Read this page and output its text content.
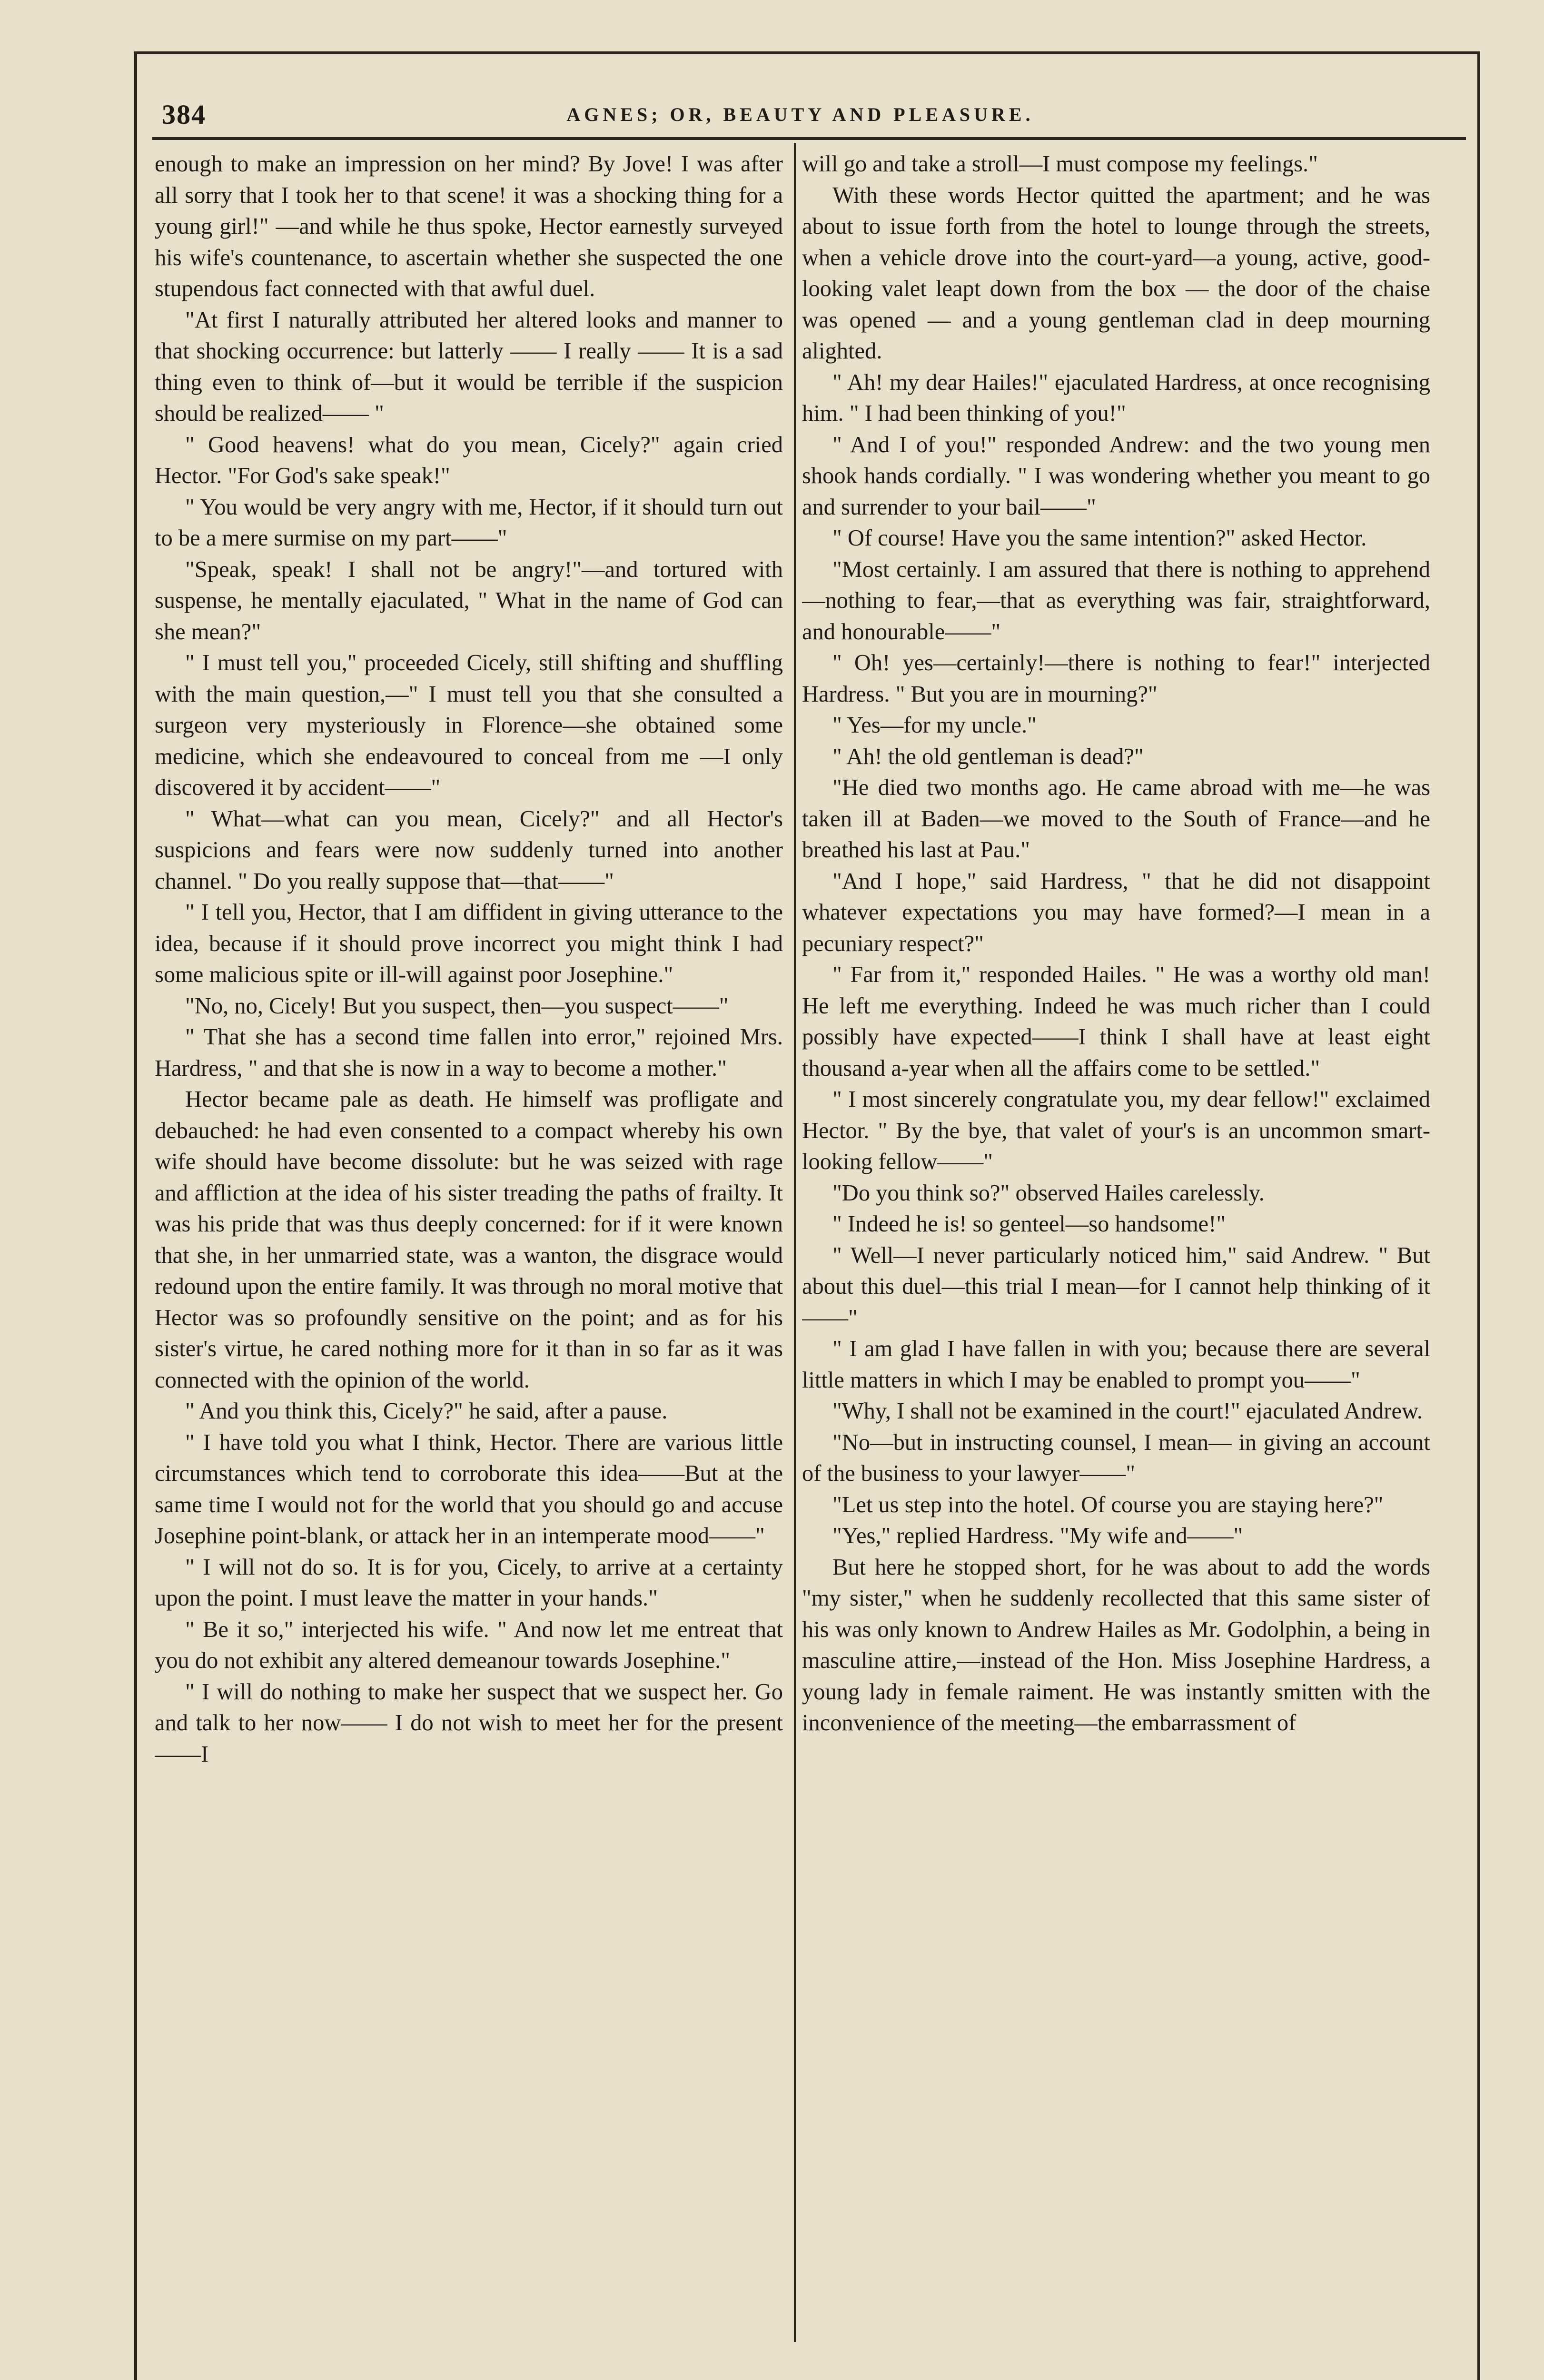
384	AGNES; OR, BEAUTY AND PLEASURE.

enough to make an impression on her mind? By Jove! I was after all sorry that I took her to that scene! it was a shocking thing for a young girl!" —and while he thus spoke, Hector earnestly surveyed his wife's countenance, to ascertain whether she suspected the one stupendous fact connected with that awful duel.

"At first I naturally attributed her altered looks and manner to that shocking occurrence: but latterly —— I really —— It is a sad thing even to think of—but it would be terrible if the suspicion should be realized—— "

" Good heavens! what do you mean, Cicely?" again cried Hector. "For God's sake speak!"

" You would be very angry with me, Hector, if it should turn out to be a mere surmise on my part——"

"Speak, speak! I shall not be angry!"—and tortured with suspense, he mentally ejaculated, " What in the name of God can she mean?"

" I must tell you," proceeded Cicely, still shifting and shuffling with the main question,—" I must tell you that she consulted a surgeon very mysteriously in Florence—she obtained some medicine, which she endeavoured to conceal from me —I only discovered it by accident——"

" What—what can you mean, Cicely?" and all Hector's suspicions and fears were now suddenly turned into another channel. " Do you really suppose that—that——"

" I tell you, Hector, that I am diffident in giving utterance to the idea, because if it should prove incorrect you might think I had some malicious spite or ill-will against poor Josephine."

"No, no, Cicely! But you suspect, then—you suspect——"

" That she has a second time fallen into error," rejoined Mrs. Hardress, " and that she is now in a way to become a mother."

Hector became pale as death. He himself was profligate and debauched: he had even consented to a compact whereby his own wife should have become dissolute: but he was seized with rage and affliction at the idea of his sister treading the paths of frailty. It was his pride that was thus deeply concerned: for if it were known that she, in her unmarried state, was a wanton, the disgrace would redound upon the entire family. It was through no moral motive that Hector was so profoundly sensitive on the point; and as for his sister's virtue, he cared nothing more for it than in so far as it was connected with the opinion of the world.

" And you think this, Cicely?" he said, after a pause.

" I have told you what I think, Hector. There are various little circumstances which tend to corroborate this idea——But at the same time I would not for the world that you should go and accuse Josephine point-blank, or attack her in an intemperate mood——"

" I will not do so. It is for you, Cicely, to arrive at a certainty upon the point. I must leave the matter in your hands."

" Be it so," interjected his wife. " And now let me entreat that you do not exhibit any altered demeanour towards Josephine."

" I will do nothing to make her suspect that we suspect her. Go and talk to her now—— I do not wish to meet her for the present——I

will go and take a stroll—I must compose my feelings."

With these words Hector quitted the apartment; and he was about to issue forth from the hotel to lounge through the streets, when a vehicle drove into the court-yard—a young, active, good-looking valet leapt down from the box — the door of the chaise was opened — and a young gentleman clad in deep mourning alighted.

" Ah! my dear Hailes!" ejaculated Hardress, at once recognising him. " I had been thinking of you!"

" And I of you!" responded Andrew: and the two young men shook hands cordially. " I was wondering whether you meant to go and surrender to your bail——"

" Of course! Have you the same intention?" asked Hector.

"Most certainly. I am assured that there is nothing to apprehend—nothing to fear,—that as everything was fair, straightforward, and honourable——"

" Oh! yes—certainly!—there is nothing to fear!" interjected Hardress. " But you are in mourning?"

" Yes—for my uncle."

" Ah! the old gentleman is dead?"

"He died two months ago. He came abroad with me—he was taken ill at Baden—we moved to the South of France—and he breathed his last at Pau."

"And I hope," said Hardress, " that he did not disappoint whatever expectations you may have formed?—I mean in a pecuniary respect?"

" Far from it," responded Hailes. " He was a worthy old man! He left me everything. Indeed he was much richer than I could possibly have expected——I think I shall have at least eight thousand a-year when all the affairs come to be settled."

" I most sincerely congratulate you, my dear fellow!" exclaimed Hector. " By the bye, that valet of your's is an uncommon smart-looking fellow——"

"Do you think so?" observed Hailes carelessly.

" Indeed he is! so genteel—so handsome!"

" Well—I never particularly noticed him," said Andrew. " But about this duel—this trial I mean—for I cannot help thinking of it——"

" I am glad I have fallen in with you; because there are several little matters in which I may be enabled to prompt you——"

"Why, I shall not be examined in the court!" ejaculated Andrew.

"No—but in instructing counsel, I mean— in giving an account of the business to your lawyer——"

"Let us step into the hotel. Of course you are staying here?"

"Yes," replied Hardress. "My wife and——"

But here he stopped short, for he was about to add the words "my sister," when he suddenly recollected that this same sister of his was only known to Andrew Hailes as Mr. Godolphin, a being in masculine attire,—instead of the Hon. Miss Josephine Hardress, a young lady in female raiment. He was instantly smitten with the inconvenience of the meeting—the embarrassment of
